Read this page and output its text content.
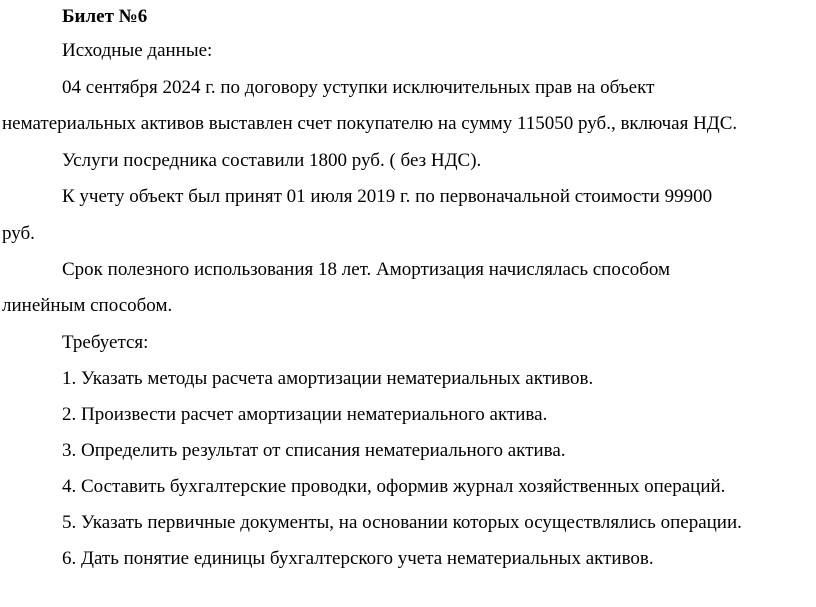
Билет №6
Исходные данные:
04 сентября 2024 г. по договору уступки исключительных прав на объект
нематериальных активов выставлен счет покупателю на сумму 115050 руб., включая НДС.
Услуги посредника составили 1800 руб. ( без НДС).
К учету объект был принят 01 июля 2019 г. по первоначальной стоимости 99900
руб.
Срок полезного использования 18 лет. Амортизация начислялась способом
линейным способом.
Требуется:
1. Указать методы расчета амортизации нематериальных активов.
2. Произвести расчет амортизации нематериального актива.
3. Определить результат от списания нематериального актива.
4. Составить бухгалтерские проводки, оформив журнал хозяйственных операций.
5. Указать первичные документы, на основании которых осуществлялись операции.
6. Дать понятие единицы бухгалтерского учета нематериальных активов.
